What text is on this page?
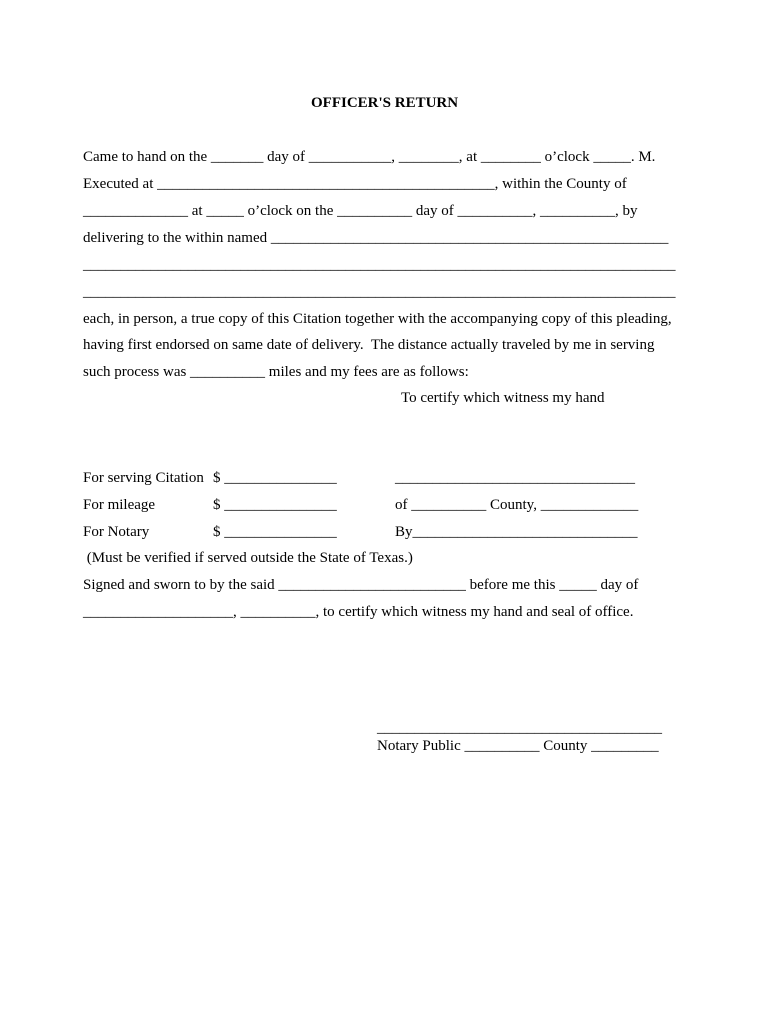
OFFICER'S RETURN
Came to hand on the _______ day of ___________, ________, at ________ o’clock _____. M.
Executed at _____________________________________________, within the County of
______________ at _____ o’clock on the __________ day of __________, __________, by
delivering to the within named _____________________________________________________
_______________________________________________________________________________
_______________________________________________________________________________
each, in person, a true copy of this Citation together with the accompanying copy of this pleading,
having first endorsed on same date of delivery.  The distance actually traveled by me in serving
such process was __________ miles and my fees are as follows:
To certify which witness my hand
For serving Citation $ _______________	________________________________
For mileage	$ _______________	of __________ County, _____________
For Notary	$ _______________	By______________________________
(Must be verified if served outside the State of Texas.)
Signed and sworn to by the said _________________________ before me this _____ day of
____________________, __________, to certify which witness my hand and seal of office.
______________________________________
Notary Public __________ County _________
